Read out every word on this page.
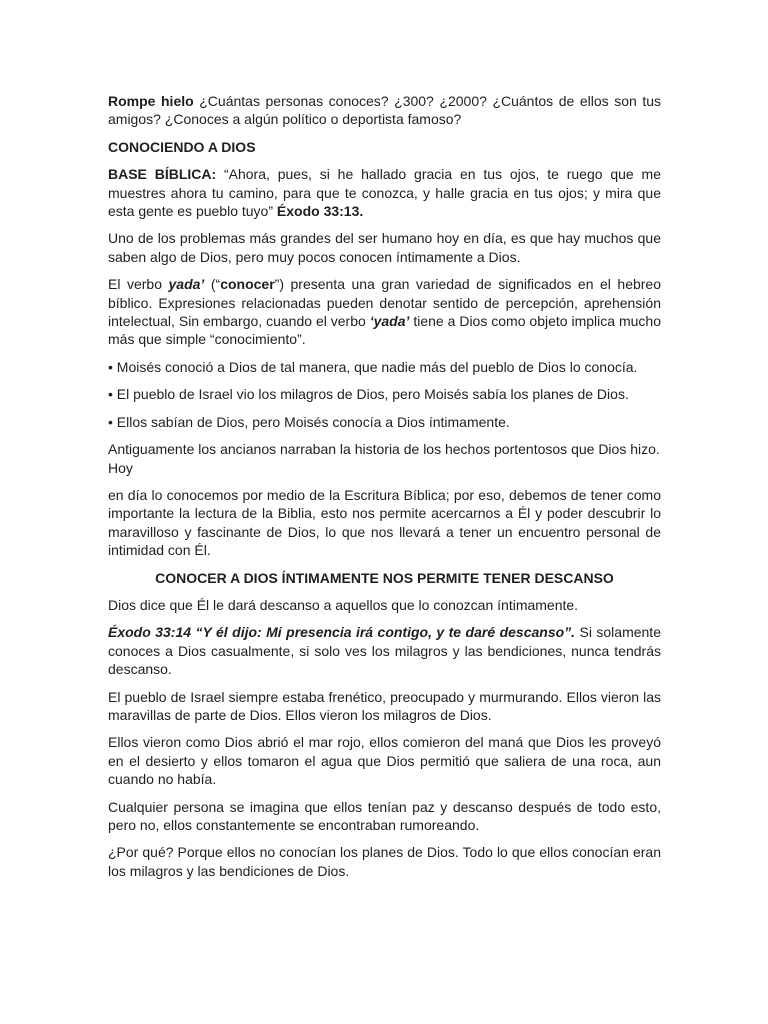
Rompe hielo ¿Cuántas personas conoces? ¿300? ¿2000? ¿Cuántos de ellos son tus amigos? ¿Conoces a algún político o deportista famoso?

CONOCIENDO A DIOS

BASE BÍBLICA: “Ahora, pues, si he hallado gracia en tus ojos, te ruego que me muestres ahora tu camino, para que te conozca, y halle gracia en tus ojos; y mira que esta gente es pueblo tuyo” Éxodo 33:13.

Uno de los problemas más grandes del ser humano hoy en día, es que hay muchos que saben algo de Dios, pero muy pocos conocen íntimamente a Dios.

El verbo yada’ (“conocer”) presenta una gran variedad de significados en el hebreo bíblico. Expresiones relacionadas pueden denotar sentido de percepción, aprehensión intelectual, Sin embargo, cuando el verbo ‘yada’ tiene a Dios como objeto implica mucho más que simple “conocimiento”.

• Moisés conoció a Dios de tal manera, que nadie más del pueblo de Dios lo conocía.

• El pueblo de Israel vio los milagros de Dios, pero Moisés sabía los planes de Dios.

• Ellos sabían de Dios, pero Moisés conocía a Dios íntimamente.

Antiguamente los ancianos narraban la historia de los hechos portentosos que Dios hizo. Hoy

en día lo conocemos por medio de la Escritura Bíblica; por eso, debemos de tener como importante la lectura de la Biblia, esto nos permite acercarnos a Él y poder descubrir lo maravilloso y fascinante de Dios, lo que nos llevará a tener un encuentro personal de intimidad con Él.

CONOCER A DIOS ÍNTIMAMENTE NOS PERMITE TENER DESCANSO

Dios dice que Él le dará descanso a aquellos que lo conozcan íntimamente.

Éxodo 33:14 “Y él dijo: Mi presencia irá contigo, y te daré descanso”. Si solamente conoces a Dios casualmente, si solo ves los milagros y las bendiciones, nunca tendrás descanso.

El pueblo de Israel siempre estaba frenético, preocupado y murmurando. Ellos vieron las maravillas de parte de Dios. Ellos vieron los milagros de Dios.

Ellos vieron como Dios abrió el mar rojo, ellos comieron del maná que Dios les proveyó en el desierto y ellos tomaron el agua que Dios permitió que saliera de una roca, aun cuando no había.

Cualquier persona se imagina que ellos tenían paz y descanso después de todo esto, pero no, ellos constantemente se encontraban rumoreando.

¿Por qué? Porque ellos no conocían los planes de Dios. Todo lo que ellos conocían eran los milagros y las bendiciones de Dios.
